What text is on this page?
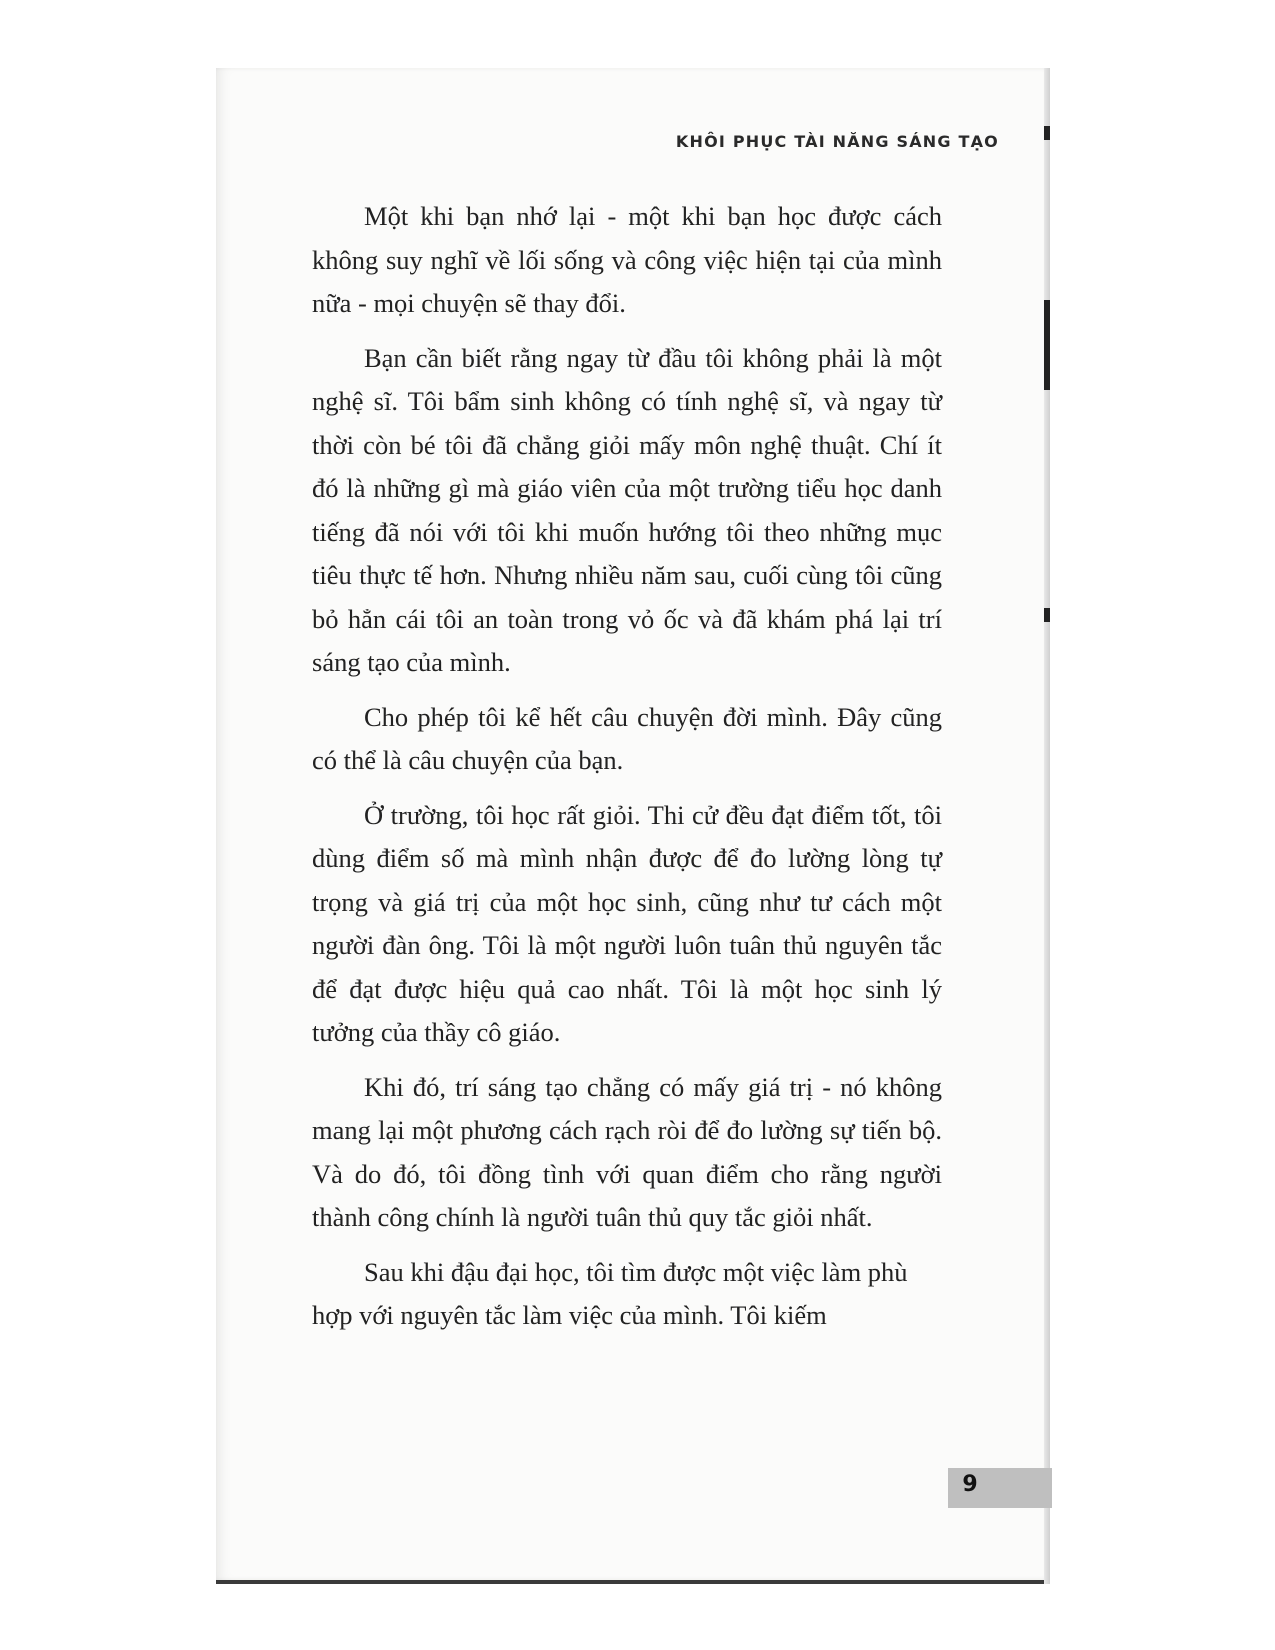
KHÔI PHỤC TÀI NĂNG SÁNG TẠO

Một khi bạn nhớ lại - một khi bạn học được cách không suy nghĩ về lối sống và công việc hiện tại của mình nữa - mọi chuyện sẽ thay đổi.

Bạn cần biết rằng ngay từ đầu tôi không phải là một nghệ sĩ. Tôi bẩm sinh không có tính nghệ sĩ, và ngay từ thời còn bé tôi đã chẳng giỏi mấy môn nghệ thuật. Chí ít đó là những gì mà giáo viên của một trường tiểu học danh tiếng đã nói với tôi khi muốn hướng tôi theo những mục tiêu thực tế hơn. Nhưng nhiều năm sau, cuối cùng tôi cũng bỏ hẳn cái tôi an toàn trong vỏ ốc và đã khám phá lại trí sáng tạo của mình.

Cho phép tôi kể hết câu chuyện đời mình. Đây cũng có thể là câu chuyện của bạn.

Ở trường, tôi học rất giỏi. Thi cử đều đạt điểm tốt, tôi dùng điểm số mà mình nhận được để đo lường lòng tự trọng và giá trị của một học sinh, cũng như tư cách một người đàn ông. Tôi là một người luôn tuân thủ nguyên tắc để đạt được hiệu quả cao nhất. Tôi là một học sinh lý tưởng của thầy cô giáo.

Khi đó, trí sáng tạo chẳng có mấy giá trị - nó không mang lại một phương cách rạch ròi để đo lường sự tiến bộ. Và do đó, tôi đồng tình với quan điểm cho rằng người thành công chính là người tuân thủ quy tắc giỏi nhất.

Sau khi đậu đại học, tôi tìm được một việc làm phù hợp với nguyên tắc làm việc của mình. Tôi kiếm

9
